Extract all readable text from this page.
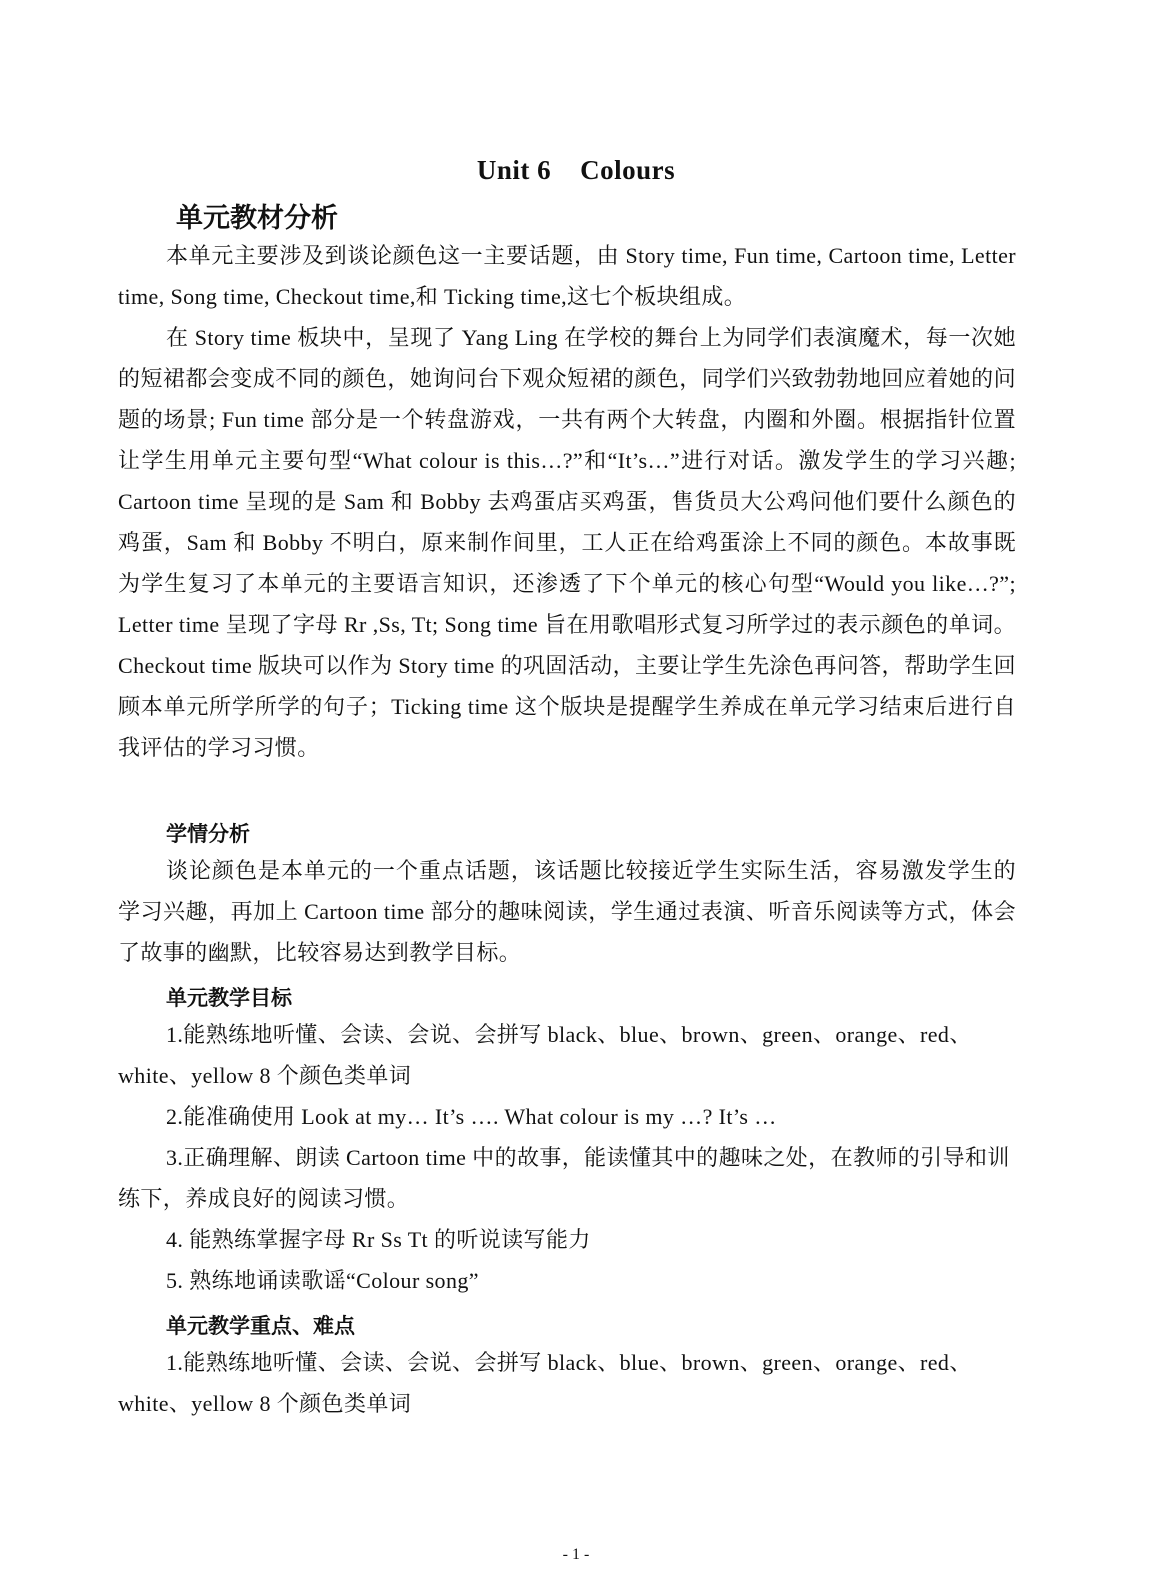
Unit 6    Colours
单元教材分析

本单元主要涉及到谈论颜色这一主要话题，由 Story time, Fun time, Cartoon time, Letter time, Song time, Checkout time,和 Ticking time,这七个板块组成。

在 Story time 板块中，呈现了 Yang Ling 在学校的舞台上为同学们表演魔术，每一次她的短裙都会变成不同的颜色，她询问台下观众短裙的颜色，同学们兴致勃勃地回应着她的问题的场景; Fun time 部分是一个转盘游戏，一共有两个大转盘，内圈和外圈。根据指针位置让学生用单元主要句型“What colour is this…?”和“It’s…”进行对话。激发学生的学习兴趣; Cartoon time 呈现的是 Sam 和 Bobby 去鸡蛋店买鸡蛋，售货员大公鸡问他们要什么颜色的鸡蛋，Sam 和 Bobby 不明白，原来制作间里，工人正在给鸡蛋涂上不同的颜色。本故事既为学生复习了本单元的主要语言知识，还渗透了下个单元的核心句型“Would you like…?”; Letter time 呈现了字母 Rr ,Ss, Tt; Song time 旨在用歌唱形式复习所学过的表示颜色的单词。Checkout time 版块可以作为 Story time 的巩固活动，主要让学生先涂色再问答，帮助学生回顾本单元所学所学的句子；Ticking time 这个版块是提醒学生养成在单元学习结束后进行自我评估的学习习惯。

学情分析

谈论颜色是本单元的一个重点话题，该话题比较接近学生实际生活，容易激发学生的学习兴趣，再加上 Cartoon time 部分的趣味阅读，学生通过表演、听音乐阅读等方式，体会了故事的幽默，比较容易达到教学目标。

单元教学目标

1.能熟练地听懂、会读、会说、会拼写 black、blue、brown、green、orange、red、white、yellow 8 个颜色类单词

2.能准确使用 Look at my… It’s …. What colour is my …? It’s …

3.正确理解、朗读 Cartoon time 中的故事，能读懂其中的趣味之处，在教师的引导和训练下，养成良好的阅读习惯。

4. 能熟练掌握字母 Rr Ss Tt 的听说读写能力

5. 熟练地诵读歌谣“Colour song”

单元教学重点、难点

1.能熟练地听懂、会读、会说、会拼写 black、blue、brown、green、orange、red、white、yellow 8 个颜色类单词

- 1 -
